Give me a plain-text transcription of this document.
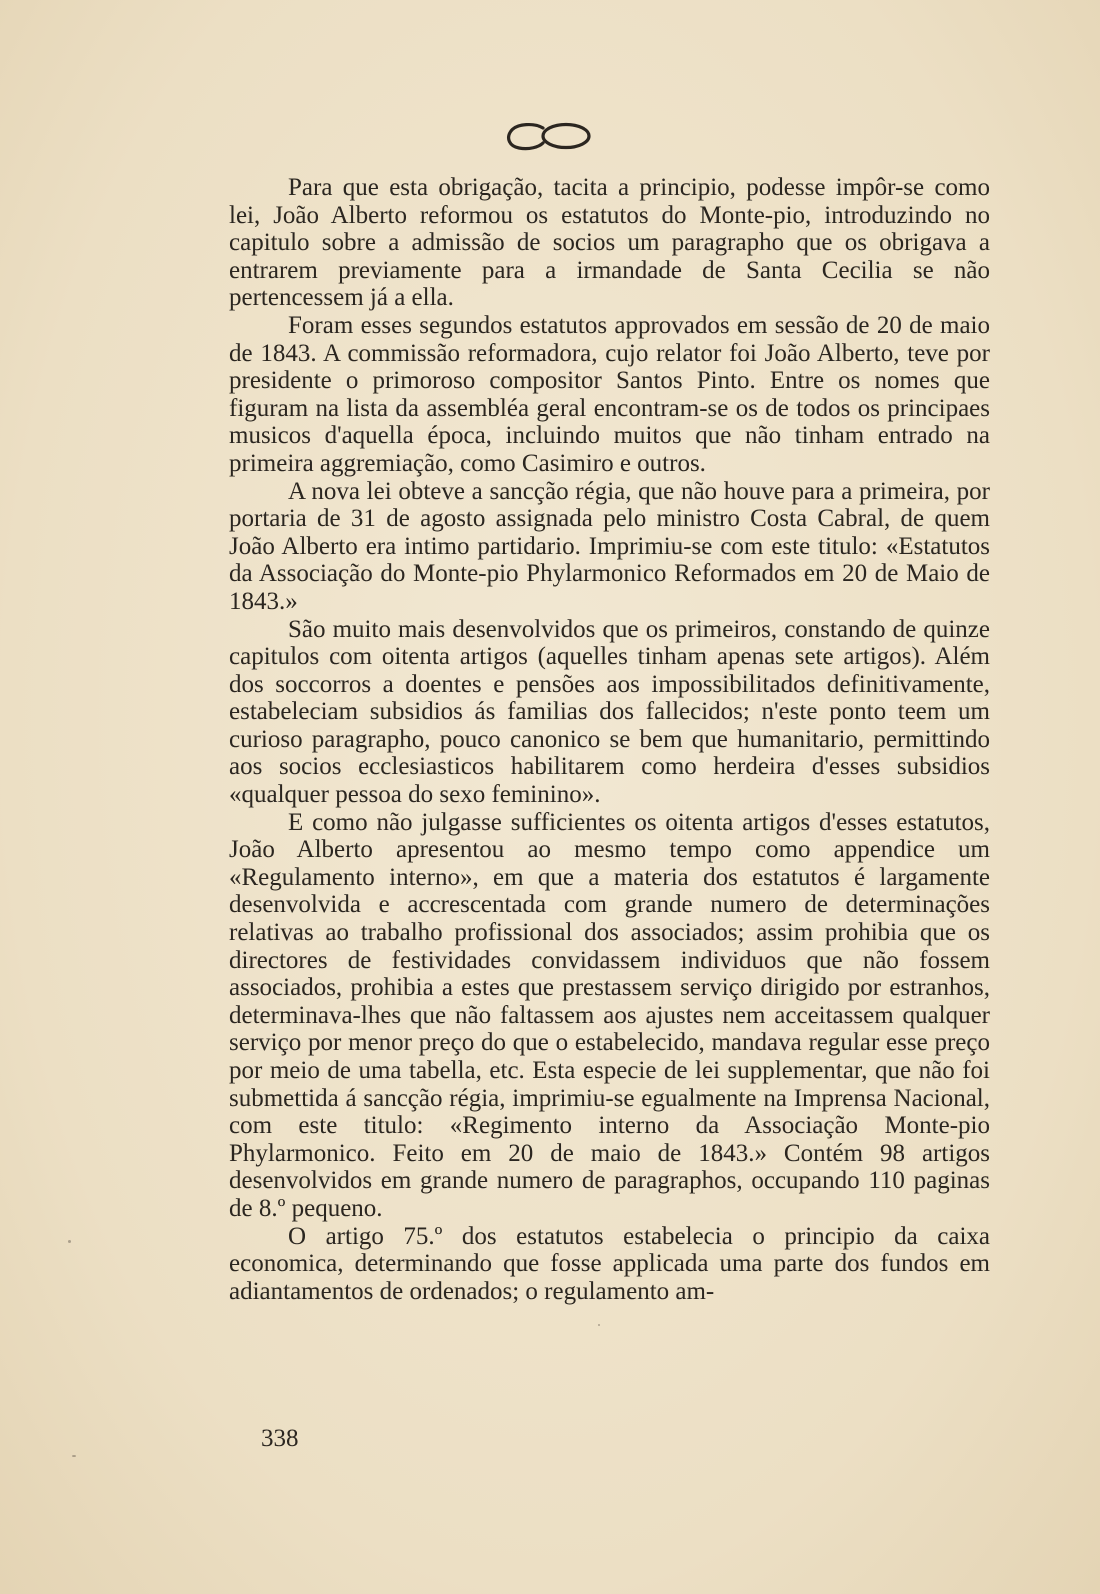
Para que esta obrigação, tacita a principio, podesse impôr-se como lei, João Alberto reformou os estatutos do Monte-pio, introduzindo no capitulo sobre a admissão de socios um paragrapho que os obrigava a entrarem previamente para a irmandade de Santa Cecilia se não pertencessem já a ella.

Foram esses segundos estatutos approvados em sessão de 20 de maio de 1843. A commissão reformadora, cujo relator foi João Alberto, teve por presidente o primoroso compositor Santos Pinto. Entre os nomes que figuram na lista da assembléa geral encontram-se os de todos os principaes musicos d'aquella época, incluindo muitos que não tinham entrado na primeira aggremiação, como Casimiro e outros.

A nova lei obteve a sancção régia, que não houve para a primeira, por portaria de 31 de agosto assignada pelo ministro Costa Cabral, de quem João Alberto era intimo partidario. Imprimiu-se com este titulo: «Estatutos da Associação do Monte-pio Phylarmonico Reformados em 20 de Maio de 1843.»

São muito mais desenvolvidos que os primeiros, constando de quinze capitulos com oitenta artigos (aquelles tinham apenas sete artigos). Além dos soccorros a doentes e pensões aos impossibilitados definitivamente, estabeleciam subsidios ás familias dos fallecidos; n'este ponto teem um curioso paragrapho, pouco canonico se bem que humanitario, permittindo aos socios ecclesiasticos habilitarem como herdeira d'esses subsidios «qualquer pessoa do sexo feminino».

E como não julgasse sufficientes os oitenta artigos d'esses estatutos, João Alberto apresentou ao mesmo tempo como appendice um «Regulamento interno», em que a materia dos estatutos é largamente desenvolvida e accrescentada com grande numero de determinações relativas ao trabalho profissional dos associados; assim prohibia que os directores de festividades convidassem individuos que não fossem associados, prohibia a estes que prestassem serviço dirigido por estranhos, determinava-lhes que não faltassem aos ajustes nem acceitassem qualquer serviço por menor preço do que o estabelecido, mandava regular esse preço por meio de uma tabella, etc. Esta especie de lei supplementar, que não foi submettida á sancção régia, imprimiu-se egualmente na Imprensa Nacional, com este titulo: «Regimento interno da Associação Monte-pio Phylarmonico. Feito em 20 de maio de 1843.» Contém 98 artigos desenvolvidos em grande numero de paragraphos, occupando 110 paginas de 8.º pequeno.

O artigo 75.º dos estatutos estabelecia o principio da caixa economica, determinando que fosse applicada uma parte dos fundos em adiantamentos de ordenados; o regulamento am-

338
